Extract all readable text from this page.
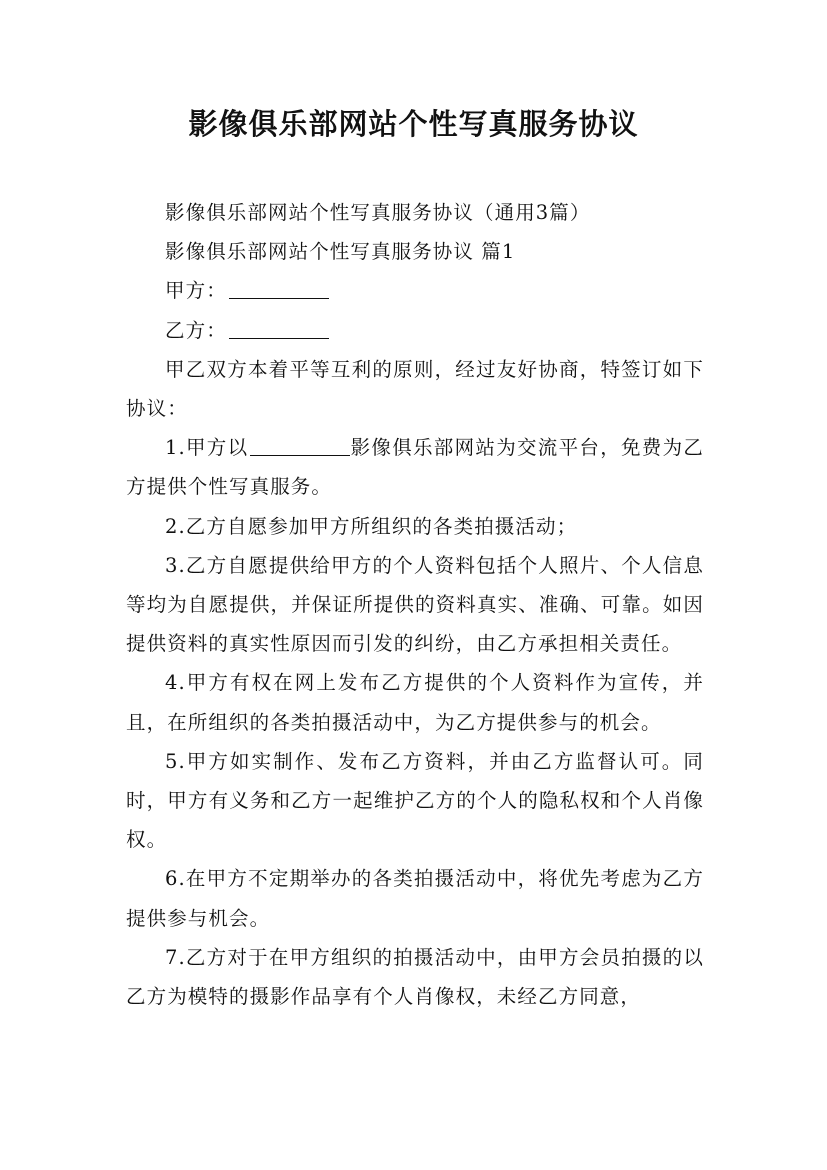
影像俱乐部网站个性写真服务协议

影像俱乐部网站个性写真服务协议（通用3篇）

影像俱乐部网站个性写真服务协议 篇1

甲方：

乙方：

甲乙双方本着平等互利的原则，经过友好协商，特签订如下协议：

1.甲方以	影像俱乐部网站为交流平台，免费为乙方提供个性写真服务。

2.乙方自愿参加甲方所组织的各类拍摄活动；

3.乙方自愿提供给甲方的个人资料包括个人照片、个人信息等均为自愿提供，并保证所提供的资料真实、准确、可靠。如因提供资料的真实性原因而引发的纠纷，由乙方承担相关责任。

4.甲方有权在网上发布乙方提供的个人资料作为宣传，并且，在所组织的各类拍摄活动中，为乙方提供参与的机会。

5.甲方如实制作、发布乙方资料，并由乙方监督认可。同时，甲方有义务和乙方一起维护乙方的个人的隐私权和个人肖像权。

6.在甲方不定期举办的各类拍摄活动中，将优先考虑为乙方提供参与机会。

7.乙方对于在甲方组织的拍摄活动中，由甲方会员拍摄的以乙方为模特的摄影作品享有个人肖像权，未经乙方同意，
